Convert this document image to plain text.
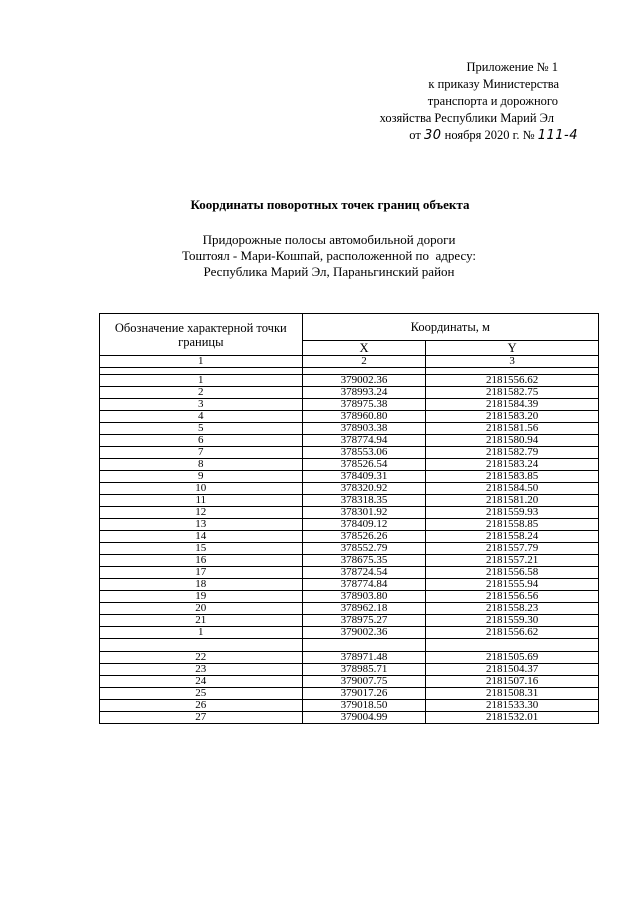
Приложение № 1
к приказу Министерства
транспорта и дорожного
хозяйства Республики Марий Эл
от 30 ноября 2020 г. № 111-4
Координаты поворотных точек границ объекта
Придорожные полосы автомобильной дороги
Тоштоял - Мари-Кошпай, расположенной по  адресу:
Республика Марий Эл, Параньгинский район
Обозначение характерной точки границы	Координаты, м	
	X	Y
1	2	3

1	379002.36	2181556.62
2	378993.24	2181582.75
3	378975.38	2181584.39
4	378960.80	2181583.20
5	378903.38	2181581.56
6	378774.94	2181580.94
7	378553.06	2181582.79
8	378526.54	2181583.24
9	378409.31	2181583.85
10	378320.92	2181584.50
11	378318.35	2181581.20
12	378301.92	2181559.93
13	378409.12	2181558.85
14	378526.26	2181558.24
15	378552.79	2181557.79
16	378675.35	2181557.21
17	378724.54	2181556.58
18	378774.84	2181555.94
19	378903.80	2181556.56
20	378962.18	2181558.23
21	378975.27	2181559.30
1	379002.36	2181556.62

22	378971.48	2181505.69
23	378985.71	2181504.37
24	379007.75	2181507.16
25	379017.26	2181508.31
26	379018.50	2181533.30
27	379004.99	2181532.01
